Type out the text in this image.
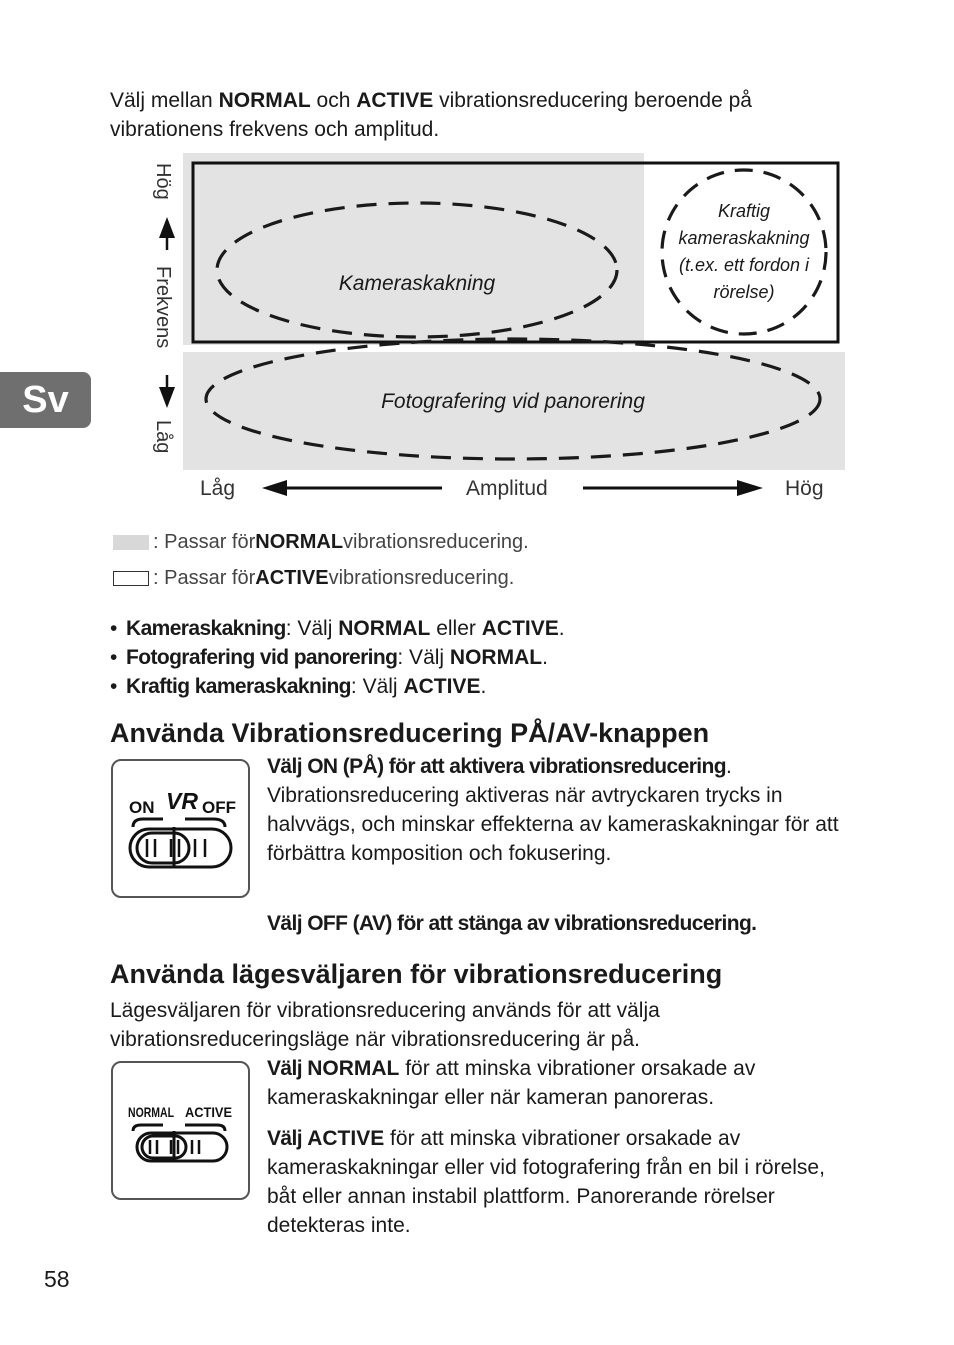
Välj mellan NORMAL och ACTIVE vibrationsreducering beroende på vibrationens frekvens och amplitud.
Sv
Hög
Frekvens
Låg
Låg	Amplitud	Hög
Kameraskakning
Fotografering vid panorering
Kraftig
kameraskakning
(t.ex. ett fordon i
rörelse)
: Passar för NORMAL vibrationsreducering.
: Passar för ACTIVE vibrationsreducering.
• Kameraskakning: Välj NORMAL eller ACTIVE.
• Fotografering vid panorering: Välj NORMAL.
• Kraftig kameraskakning: Välj ACTIVE.
Använda Vibrationsreducering PÅ/AV-knappen
ON VR OFF
Välj ON (PÅ) för att aktivera vibrationsreducering.
Vibrationsreducering aktiveras när avtryckaren trycks in halvvägs, och minskar effekterna av kameraskakningar för att förbättra komposition och fokusering.
Välj OFF (AV) för att stänga av vibrationsreducering.
Använda lägesväljaren för vibrationsreducering
Lägesväljaren för vibrationsreducering används för att välja vibrationsreduceringsläge när vibrationsreducering är på.
NORMAL ACTIVE
Välj NORMAL för att minska vibrationer orsakade av kameraskakningar eller när kameran panoreras.
Välj ACTIVE för att minska vibrationer orsakade av kameraskakningar eller vid fotografering från en bil i rörelse, båt eller annan instabil plattform. Panorerande rörelser detekteras inte.
58
